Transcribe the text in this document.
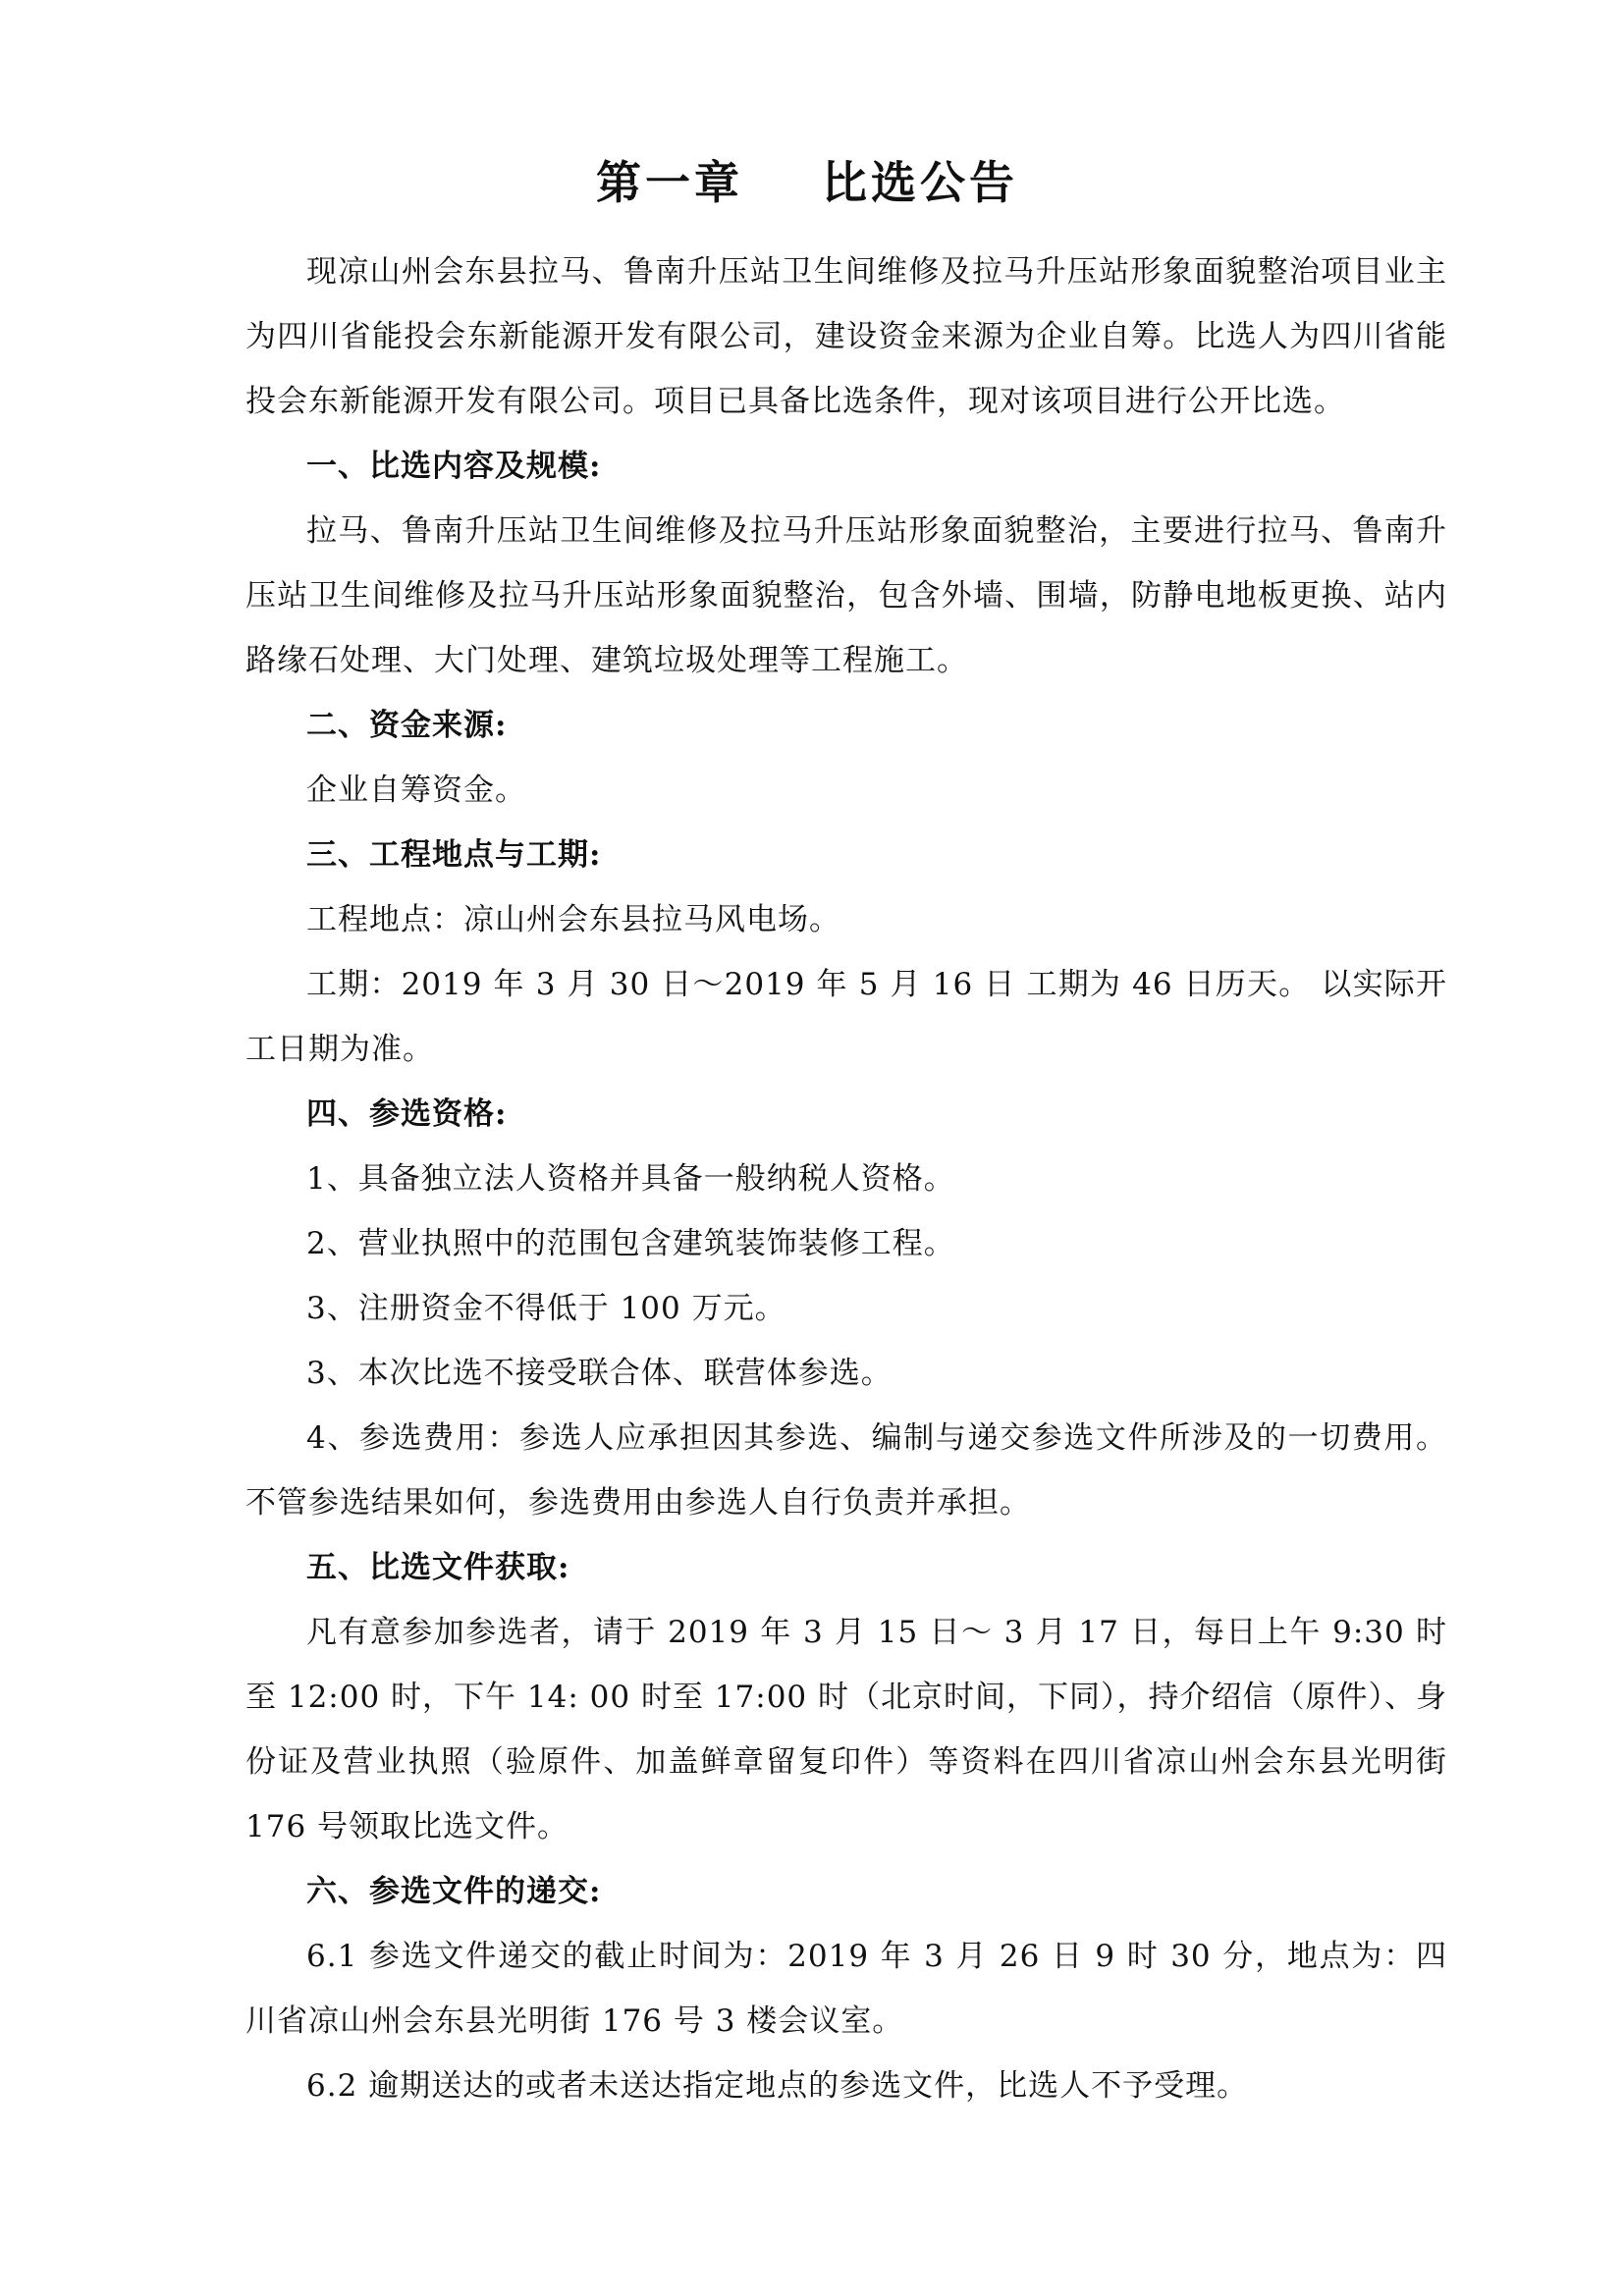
第一章    比选公告

现凉山州会东县拉马、鲁南升压站卫生间维修及拉马升压站形象面貌整治项目业主为四川省能投会东新能源开发有限公司，建设资金来源为企业自筹。比选人为四川省能投会东新能源开发有限公司。项目已具备比选条件，现对该项目进行公开比选。

一、比选内容及规模:

拉马、鲁南升压站卫生间维修及拉马升压站形象面貌整治，主要进行拉马、鲁南升压站卫生间维修及拉马升压站形象面貌整治，包含外墙、围墙，防静电地板更换、站内路缘石处理、大门处理、建筑垃圾处理等工程施工。

二、资金来源:

企业自筹资金。

三、工程地点与工期:

工程地点：凉山州会东县拉马风电场。

工期：2019 年 3 月 30 日～2019 年 5 月 16 日 工期为 46 日历天。 以实际开工日期为准。

四、参选资格:

1、具备独立法人资格并具备一般纳税人资格。

2、营业执照中的范围包含建筑装饰装修工程。

3、注册资金不得低于 100 万元。

3、本次比选不接受联合体、联营体参选。

4、参选费用：参选人应承担因其参选、编制与递交参选文件所涉及的一切费用。不管参选结果如何，参选费用由参选人自行负责并承担。

五、比选文件获取:

凡有意参加参选者，请于 2019 年 3 月 15 日～ 3 月 17 日，每日上午 9:30 时至 12:00 时，下午 14: 00 时至 17:00 时（北京时间，下同），持介绍信（原件）、身份证及营业执照（验原件、加盖鲜章留复印件）等资料在四川省凉山州会东县光明街 176 号领取比选文件。

六、参选文件的递交:

6.1 参选文件递交的截止时间为：2019 年 3 月 26 日 9 时 30 分，地点为：四川省凉山州会东县光明街 176 号 3 楼会议室。

6.2 逾期送达的或者未送达指定地点的参选文件，比选人不予受理。
